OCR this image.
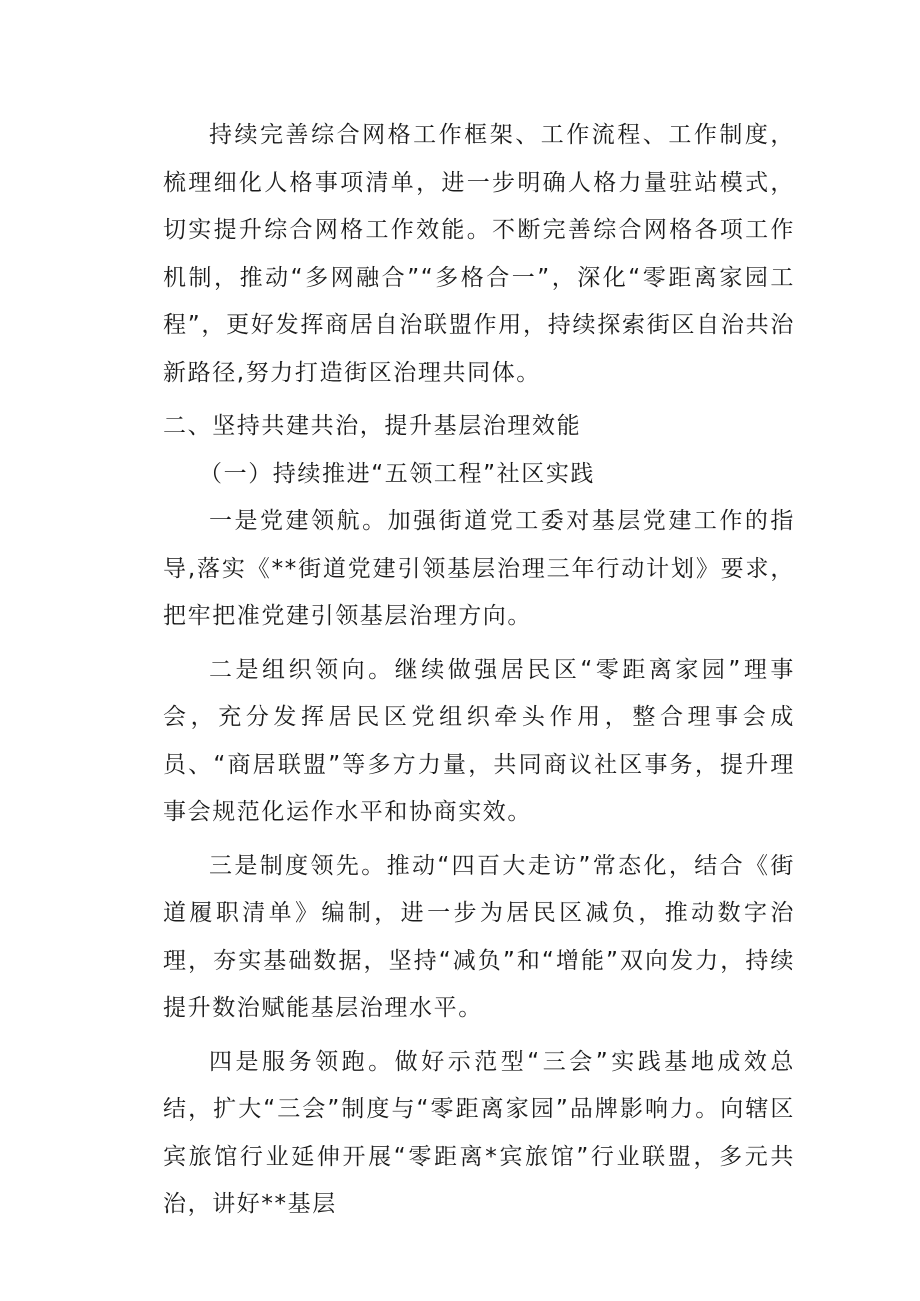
持续完善综合网格工作框架、工作流程、工作制度，梳理细化人格事项清单，进一步明确人格力量驻站模式，切实提升综合网格工作效能。不断完善综合网格各项工作机制，推动“多网融合”“多格合一”，深化“零距离家园工程”，更好发挥商居自治联盟作用，持续探索街区自治共治新路径,努力打造街区治理共同体。

二、坚持共建共治，提升基层治理效能

（一）持续推进“五领工程”社区实践

一是党建领航。加强街道党工委对基层党建工作的指导,落实《**街道党建引领基层治理三年行动计划》要求，把牢把准党建引领基层治理方向。

二是组织领向。继续做强居民区“零距离家园”理事会，充分发挥居民区党组织牵头作用，整合理事会成员、“商居联盟”等多方力量，共同商议社区事务，提升理事会规范化运作水平和协商实效。

三是制度领先。推动“四百大走访”常态化，结合《街道履职清单》编制，进一步为居民区减负，推动数字治理，夯实基础数据，坚持“减负”和“增能”双向发力，持续提升数治赋能基层治理水平。

四是服务领跑。做好示范型“三会”实践基地成效总结，扩大“三会”制度与“零距离家园”品牌影响力。向辖区宾旅馆行业延伸开展“零距离*宾旅馆”行业联盟，多元共治，讲好**基层
